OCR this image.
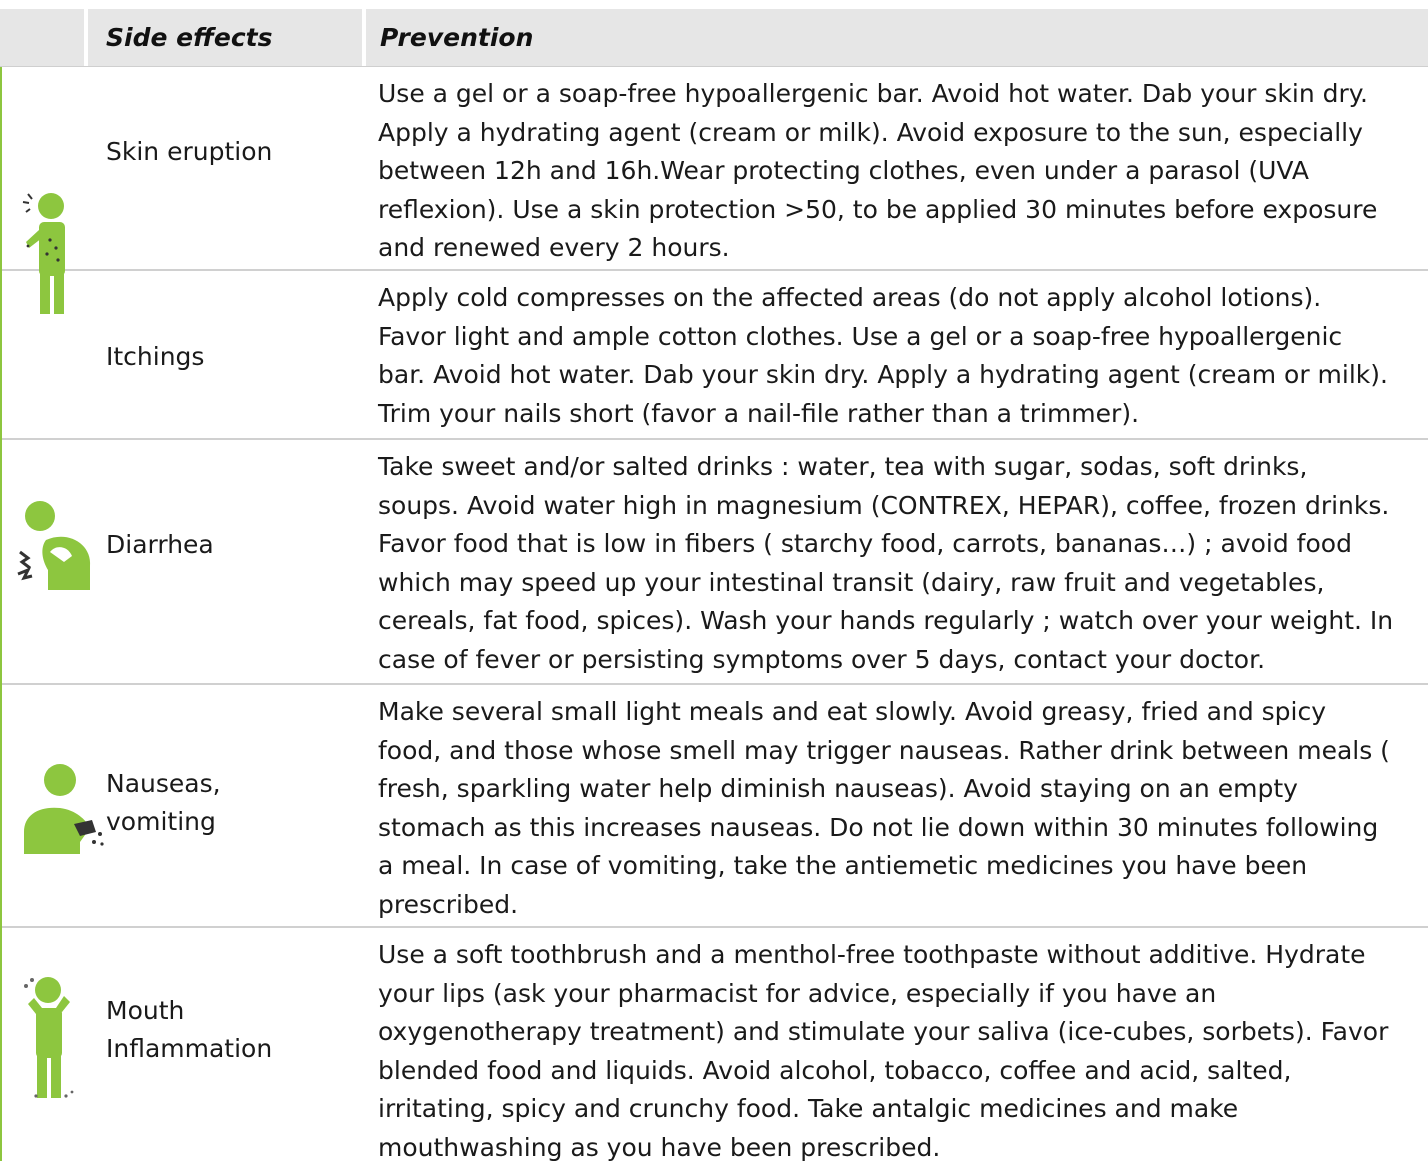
Side effects	Prevention
Skin eruption
Use a gel or a soap-free hypoallergenic bar. Avoid hot water. Dab your skin dry.
Apply a hydrating agent (cream or milk). Avoid exposure to the sun, especially
between 12h and 16h.Wear protecting clothes, even under a parasol (UVA
reflexion). Use a skin protection >50, to be applied 30 minutes before exposure
and renewed every 2 hours.
Itchings
Apply cold compresses on the affected areas (do not apply alcohol lotions).
Favor light and ample cotton clothes. Use a gel or a soap-free hypoallergenic
bar. Avoid hot water. Dab your skin dry. Apply a hydrating agent (cream or milk).
Trim your nails short (favor a nail-file rather than a trimmer).
Diarrhea
Take sweet and/or salted drinks : water, tea with sugar, sodas, soft drinks,
soups. Avoid water high in magnesium (CONTREX, HEPAR), coffee, frozen drinks.
Favor food that is low in fibers ( starchy food, carrots, bananas…) ; avoid food
which may speed up your intestinal transit (dairy, raw fruit and vegetables,
cereals, fat food, spices). Wash your hands regularly ; watch over your weight. In
case of fever or persisting symptoms over 5 days, contact your doctor.
Nauseas,
vomiting
Make several small light meals and eat slowly. Avoid greasy, fried and spicy
food, and those whose smell may trigger nauseas. Rather drink between meals (
fresh, sparkling water help diminish nauseas). Avoid staying on an empty
stomach as this increases nauseas. Do not lie down within 30 minutes following
a meal. In case of vomiting, take the antiemetic medicines you have been
prescribed.
Mouth
Inflammation
Use a soft toothbrush and a menthol-free toothpaste without additive. Hydrate
your lips (ask your pharmacist for advice, especially if you have an
oxygenotherapy treatment) and stimulate your saliva (ice-cubes, sorbets). Favor
blended food and liquids. Avoid alcohol, tobacco, coffee and acid, salted,
irritating, spicy and crunchy food. Take antalgic medicines and make
mouthwashing as you have been prescribed.
